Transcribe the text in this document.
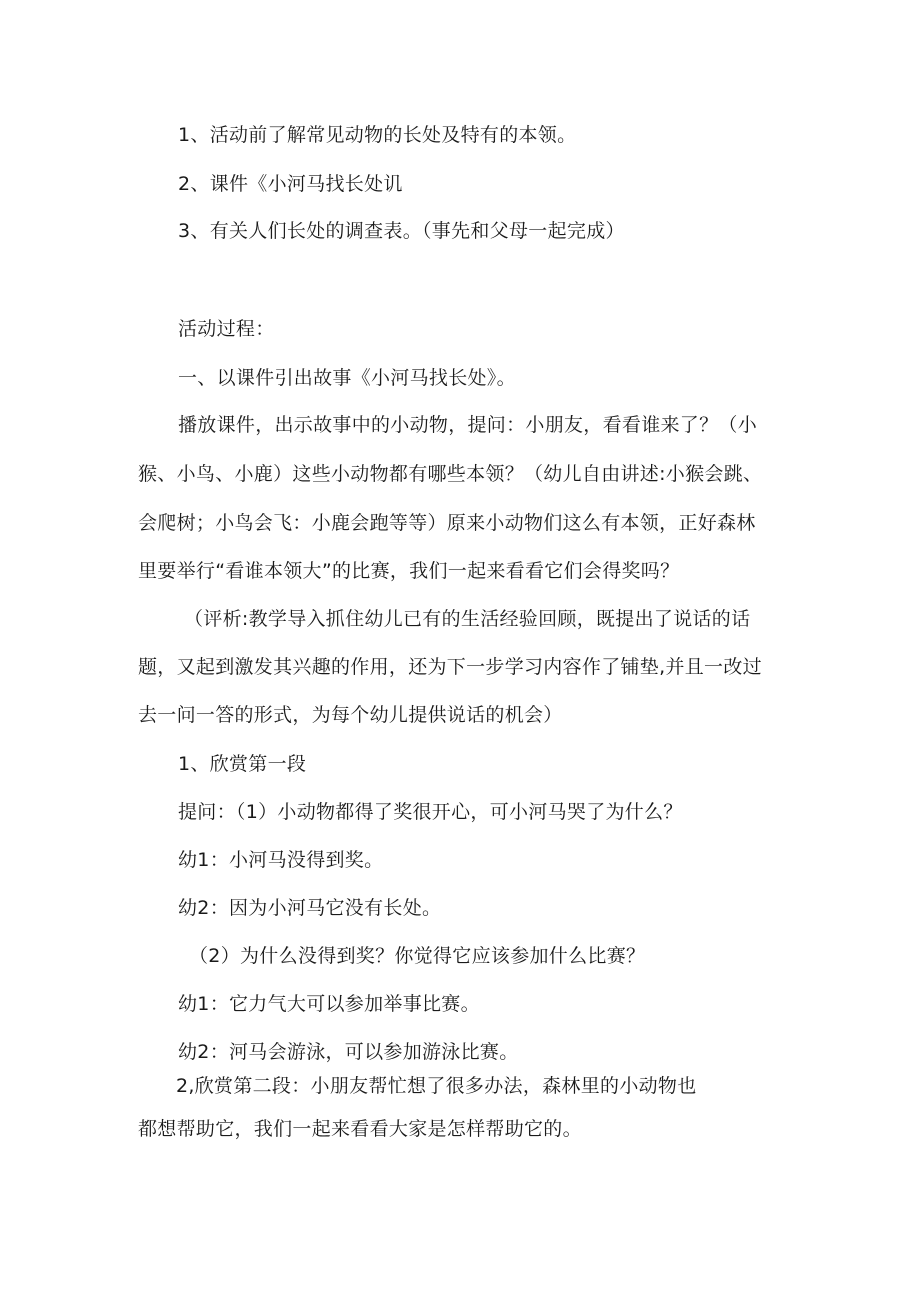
1、活动前了解常见动物的长处及特有的本领。
2、课件《小河马找长处讥
3、有关人们长处的调查表。（事先和父母一起完成）
活动过程：
一、以课件引出故事《小河马找长处》。
播放课件，出示故事中的小动物，提问：小朋友，看看谁来了？（小
猴、小鸟、小鹿）这些小动物都有哪些本领？（幼儿自由讲述:小猴会跳、
会爬树；小鸟会飞：小鹿会跑等等）原来小动物们这么有本领，正好森林
里要举行“看谁本领大”的比赛，我们一起来看看它们会得奖吗？
（评析:教学导入抓住幼儿已有的生活经验回顾，既提出了说话的话
题，又起到激发其兴趣的作用，还为下一步学习内容作了铺垫,并且一改过
去一问一答的形式，为每个幼儿提供说话的机会）
1、欣赏第一段
提问：（1）小动物都得了奖很开心，可小河马哭了为什么？
幼1：小河马没得到奖。
幼2：因为小河马它没有长处。
（2）为什么没得到奖？你觉得它应该参加什么比赛？
幼1：它力气大可以参加举事比赛。
幼2：河马会游泳，可以参加游泳比赛。
2,欣赏第二段：小朋友帮忙想了很多办法，森林里的小动物也
都想帮助它，我们一起来看看大家是怎样帮助它的。
